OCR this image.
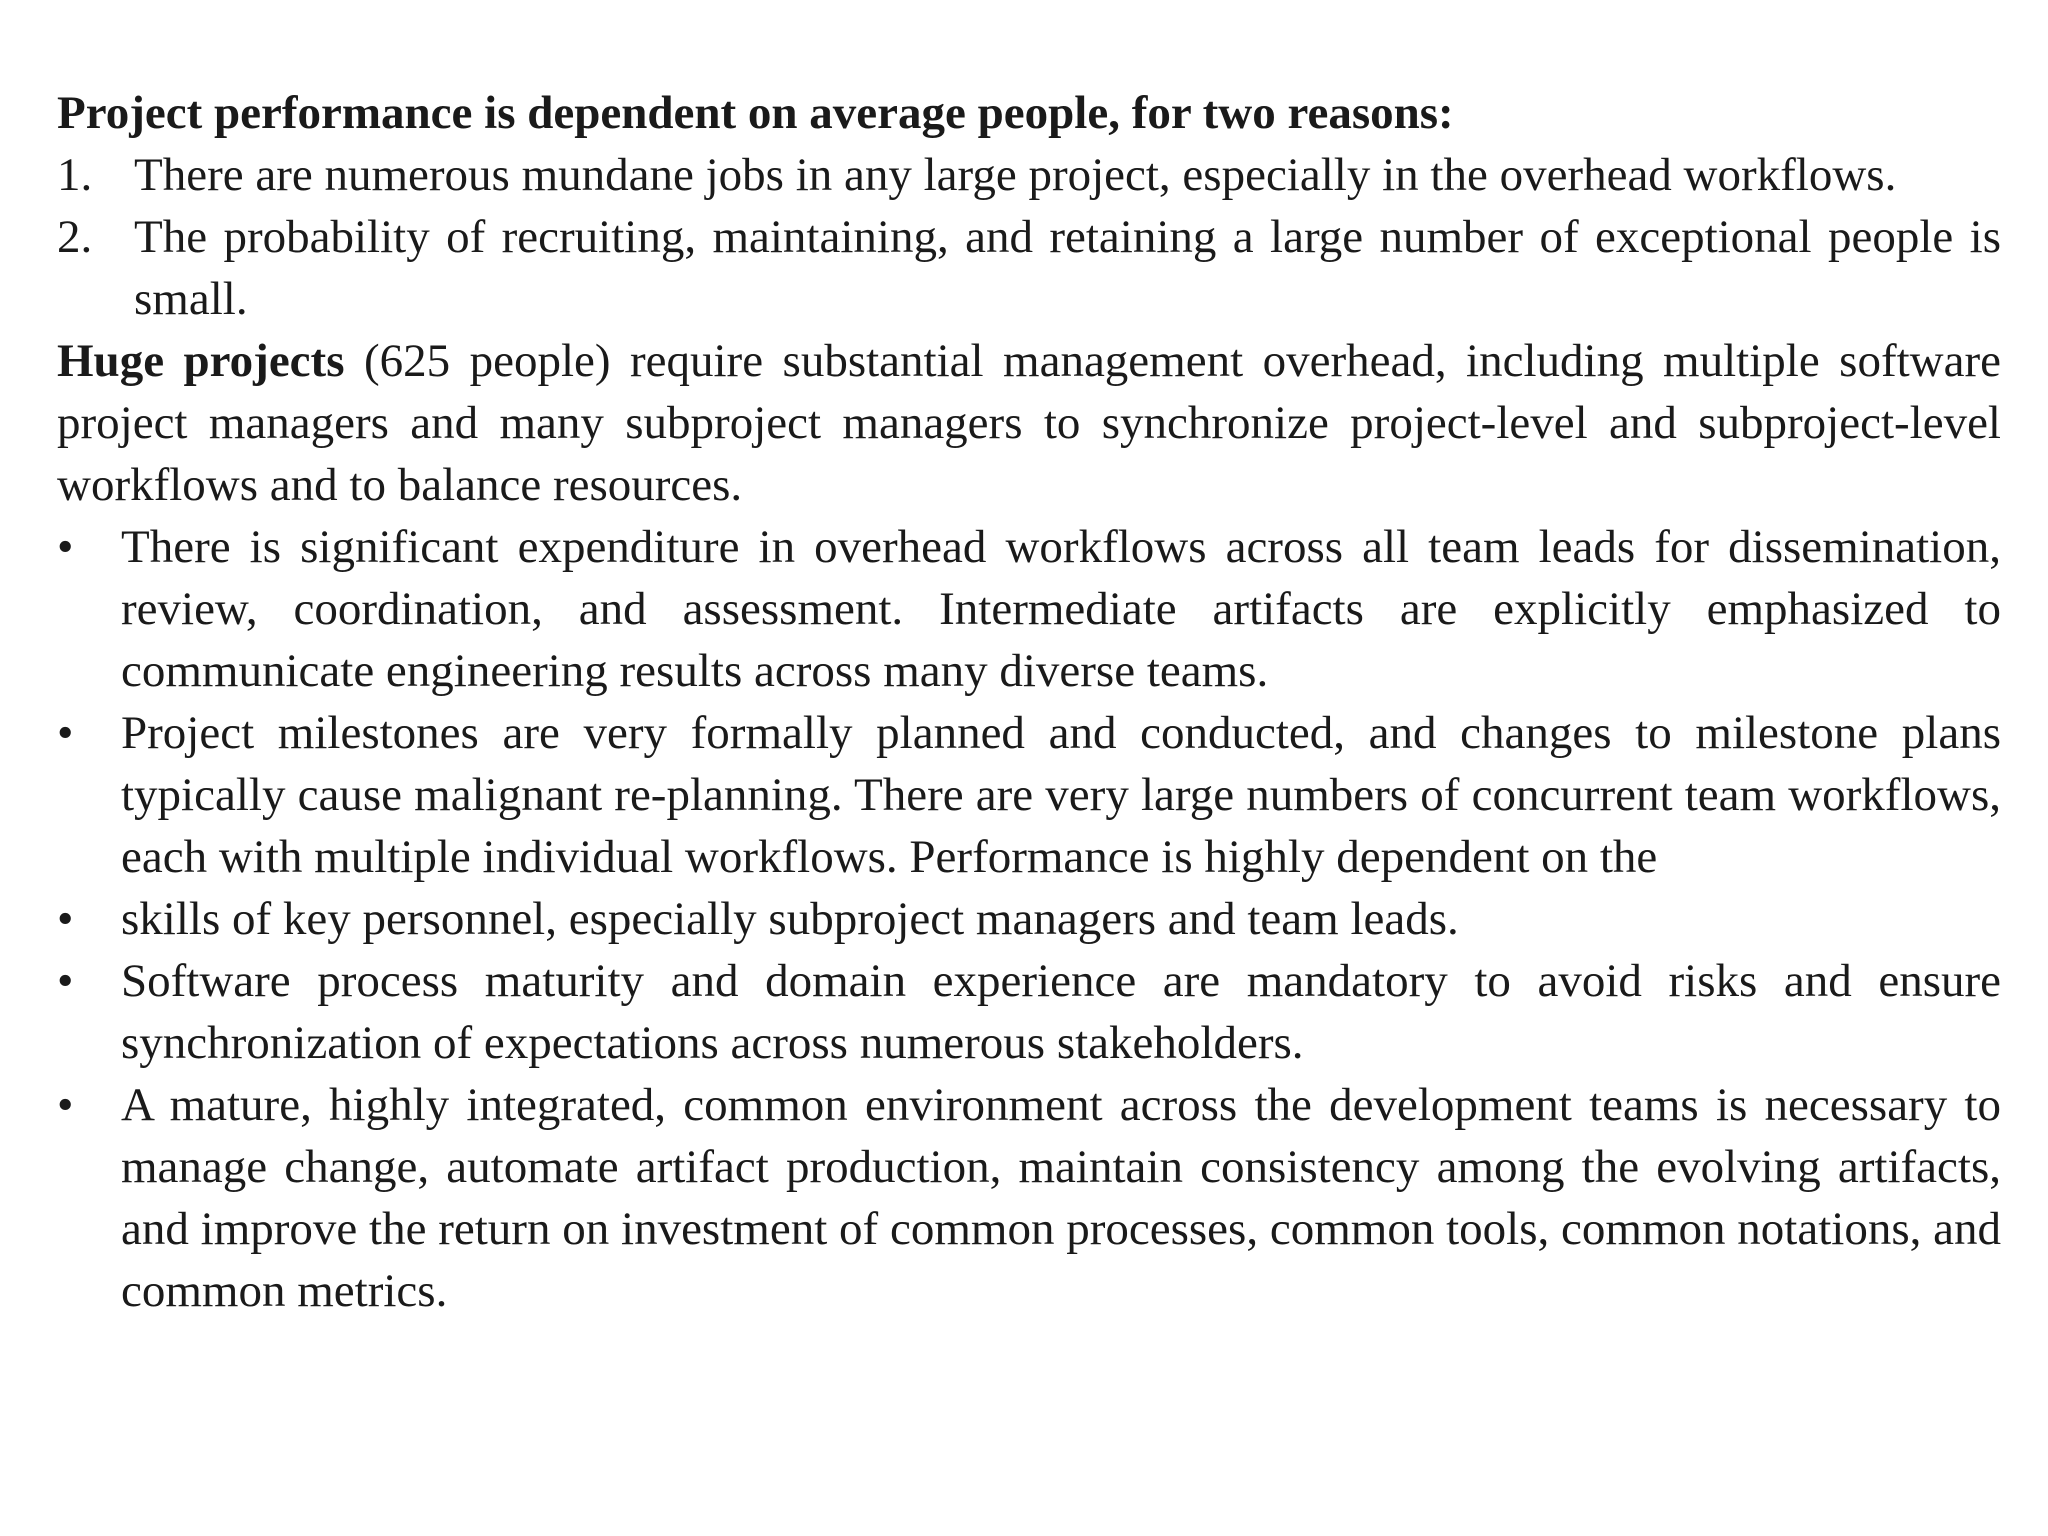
Project performance is dependent on average people, for two reasons:

1. There are numerous mundane jobs in any large project, especially in the overhead workflows.
2. The probability of recruiting, maintaining, and retaining a large number of exceptional people is small.

Huge projects (625 people) require substantial management overhead, including multiple software project managers and many subproject managers to synchronize project-level and subproject-level workflows and to balance resources.

• There is significant expenditure in overhead workflows across all team leads for dissemination, review, coordination, and assessment. Intermediate artifacts are explicitly emphasized to communicate engineering results across many diverse teams.
• Project milestones are very formally planned and conducted, and changes to milestone plans typically cause malignant re-planning. There are very large numbers of concurrent team workflows, each with multiple individual workflows. Performance is highly dependent on the
• skills of key personnel, especially subproject managers and team leads.
• Software process maturity and domain experience are mandatory to avoid risks and ensure synchronization of expectations across numerous stakeholders.
• A mature, highly integrated, common environment across the development teams is necessary to manage change, automate artifact production, maintain consistency among the evolving artifacts, and improve the return on investment of common processes, common tools, common notations, and common metrics.
